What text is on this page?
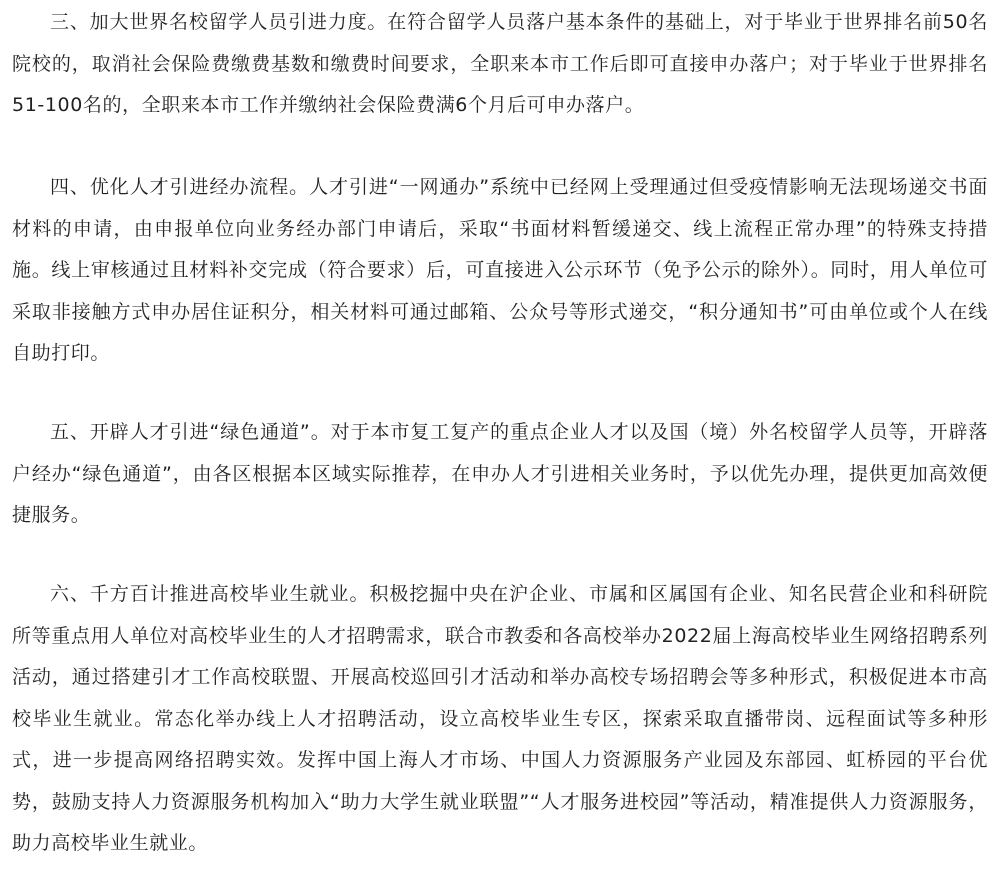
三、加大世界名校留学人员引进力度。在符合留学人员落户基本条件的基础上，对于毕业于世界排名前50名院校的，取消社会保险费缴费基数和缴费时间要求，全职来本市工作后即可直接申办落户；对于毕业于世界排名51-100名的，全职来本市工作并缴纳社会保险费满6个月后可申办落户。

四、优化人才引进经办流程。人才引进“一网通办”系统中已经网上受理通过但受疫情影响无法现场递交书面材料的申请，由申报单位向业务经办部门申请后，采取“书面材料暂缓递交、线上流程正常办理”的特殊支持措施。线上审核通过且材料补交完成（符合要求）后，可直接进入公示环节（免予公示的除外）。同时，用人单位可采取非接触方式申办居住证积分，相关材料可通过邮箱、公众号等形式递交，“积分通知书”可由单位或个人在线自助打印。

五、开辟人才引进“绿色通道”。对于本市复工复产的重点企业人才以及国（境）外名校留学人员等，开辟落户经办“绿色通道”，由各区根据本区域实际推荐，在申办人才引进相关业务时，予以优先办理，提供更加高效便捷服务。

六、千方百计推进高校毕业生就业。积极挖掘中央在沪企业、市属和区属国有企业、知名民营企业和科研院所等重点用人单位对高校毕业生的人才招聘需求，联合市教委和各高校举办2022届上海高校毕业生网络招聘系列活动，通过搭建引才工作高校联盟、开展高校巡回引才活动和举办高校专场招聘会等多种形式，积极促进本市高校毕业生就业。常态化举办线上人才招聘活动，设立高校毕业生专区，探索采取直播带岗、远程面试等多种形式，进一步提高网络招聘实效。发挥中国上海人才市场、中国人力资源服务产业园及东部园、虹桥园的平台优势，鼓励支持人力资源服务机构加入“助力大学生就业联盟”“人才服务进校园”等活动，精准提供人力资源服务，助力高校毕业生就业。
